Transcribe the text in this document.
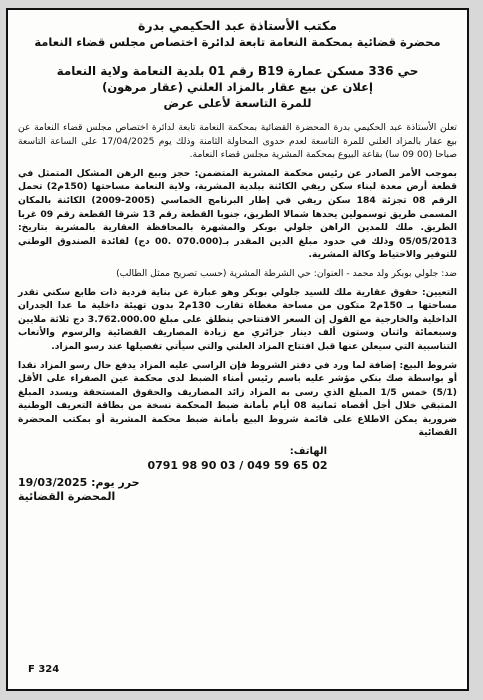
مكتب الأستاذة عبد الحكيمي بدرة
محضرة قضائية بمحكمة النعامة تابعة لدائرة اختصاص مجلس قضاء النعامة
حي 336 مسكن عمارة B19 رقم 01 بلدية النعامة ولاية النعامة
إعلان عن بيع عقار بالمزاد العلني (عقار مرهون)
للمرة التاسعة لأعلى عرض

تعلن الأستاذة عبد الحكيمي بدرة المحضرة القضائية بمحكمة النعامة تابعة لدائرة اختصاص مجلس قضاء النعامة عن بيع عقار بالمزاد العلني للمرة التاسعة لعدم حدوى المحاولة الثامنة وذلك يوم 17/04/2025 على الساعة التاسعة صباحا (00 09 سا) بقاعة البيوع بمحكمة المشرية مجلس قضاء النعامة.

بموجب الأمر الصادر عن رئيس محكمة المشرية المتضمن: حجز وبيع الرهن المشكل المتمثل في قطعة أرض معدة لبناء سكن ريفي الكائنة ببلدية المشرية، ولاية النعامة مساحتها (150م2) تحمل الرقم 08 تجزئة 184 سكن ريفي في إطار البرنامج الخماسي (2005-2009) الكائنة بالمكان المسمى طريق توسمولين يحدها شمالا الطريق، جنوبا القطعة رقم 13 شرقا القطعة رقم 09 غربا الطريق. ملك للمدين الراهن جلولي بوبكر والمشهرة بالمحافظة العقارية بالمشرية بتاريخ: 05/05/2013 وذلك في حدود مبلغ الدين المقدر بـ(070.000 .00 دج) لفائدة الصندوق الوطني للتوفير والاحتياط وكالة المشرية.

ضد: جلولي بوبكر ولد محمد - العنوان: حي الشرطة المشرية (حسب تصريح ممثل الطالب)

التعيين: حقوق عقارية ملك للسيد جلولي بوبكر وهو عبارة عن بناية فردية ذات طابع سكني تقدر مساحتها بـ 150م2 متكون من مساحة مغطاة تقارب 130م2 بدون تهيئة داخلية ما عدا الجدران الداخلية والخارجية مع القول إن السعر الافتتاحي ينطلق على مبلغ 3.762.000.00 دج ثلاثة ملايين وسبعمائة واثنان وستون ألف دينار جزائري مع زيادة المصاريف القضائية والرسوم والأتعاب التناسبية التي سيعلن عنها قبل افتتاح المزاد العلني والتي سيأتي تفصيلها عند رسو المزاد.

شروط البيع: إضافة لما ورد في دفتر الشروط فإن الراسي عليه المزاد يدفع حال رسو المزاد نقدا أو بواسطة صك بنكي مؤشر عليه باسم رئيس أمناء الضبط لدى محكمة عين الصفراء على الأقل (5/1) خمس 1/5 المبلغ الذي رسى به المزاد زائد المصاريف والحقوق المستحقة ويسدد المبلغ المتبقي خلال أجل أقصاه ثمانية 08 أيام بأمانة ضبط المحكمة نسخة من بطاقة التعريف الوطنية ضرورية يمكن الاطلاع على قائمة شروط البيع بأمانة ضبط محكمة المشرية أو بمكتب المحضرة القضائية

الهاتف:
0791 98 90 03 / 049 59 65 02
حرر يوم: 19/03/2025
المحضرة القضائية
F 324
